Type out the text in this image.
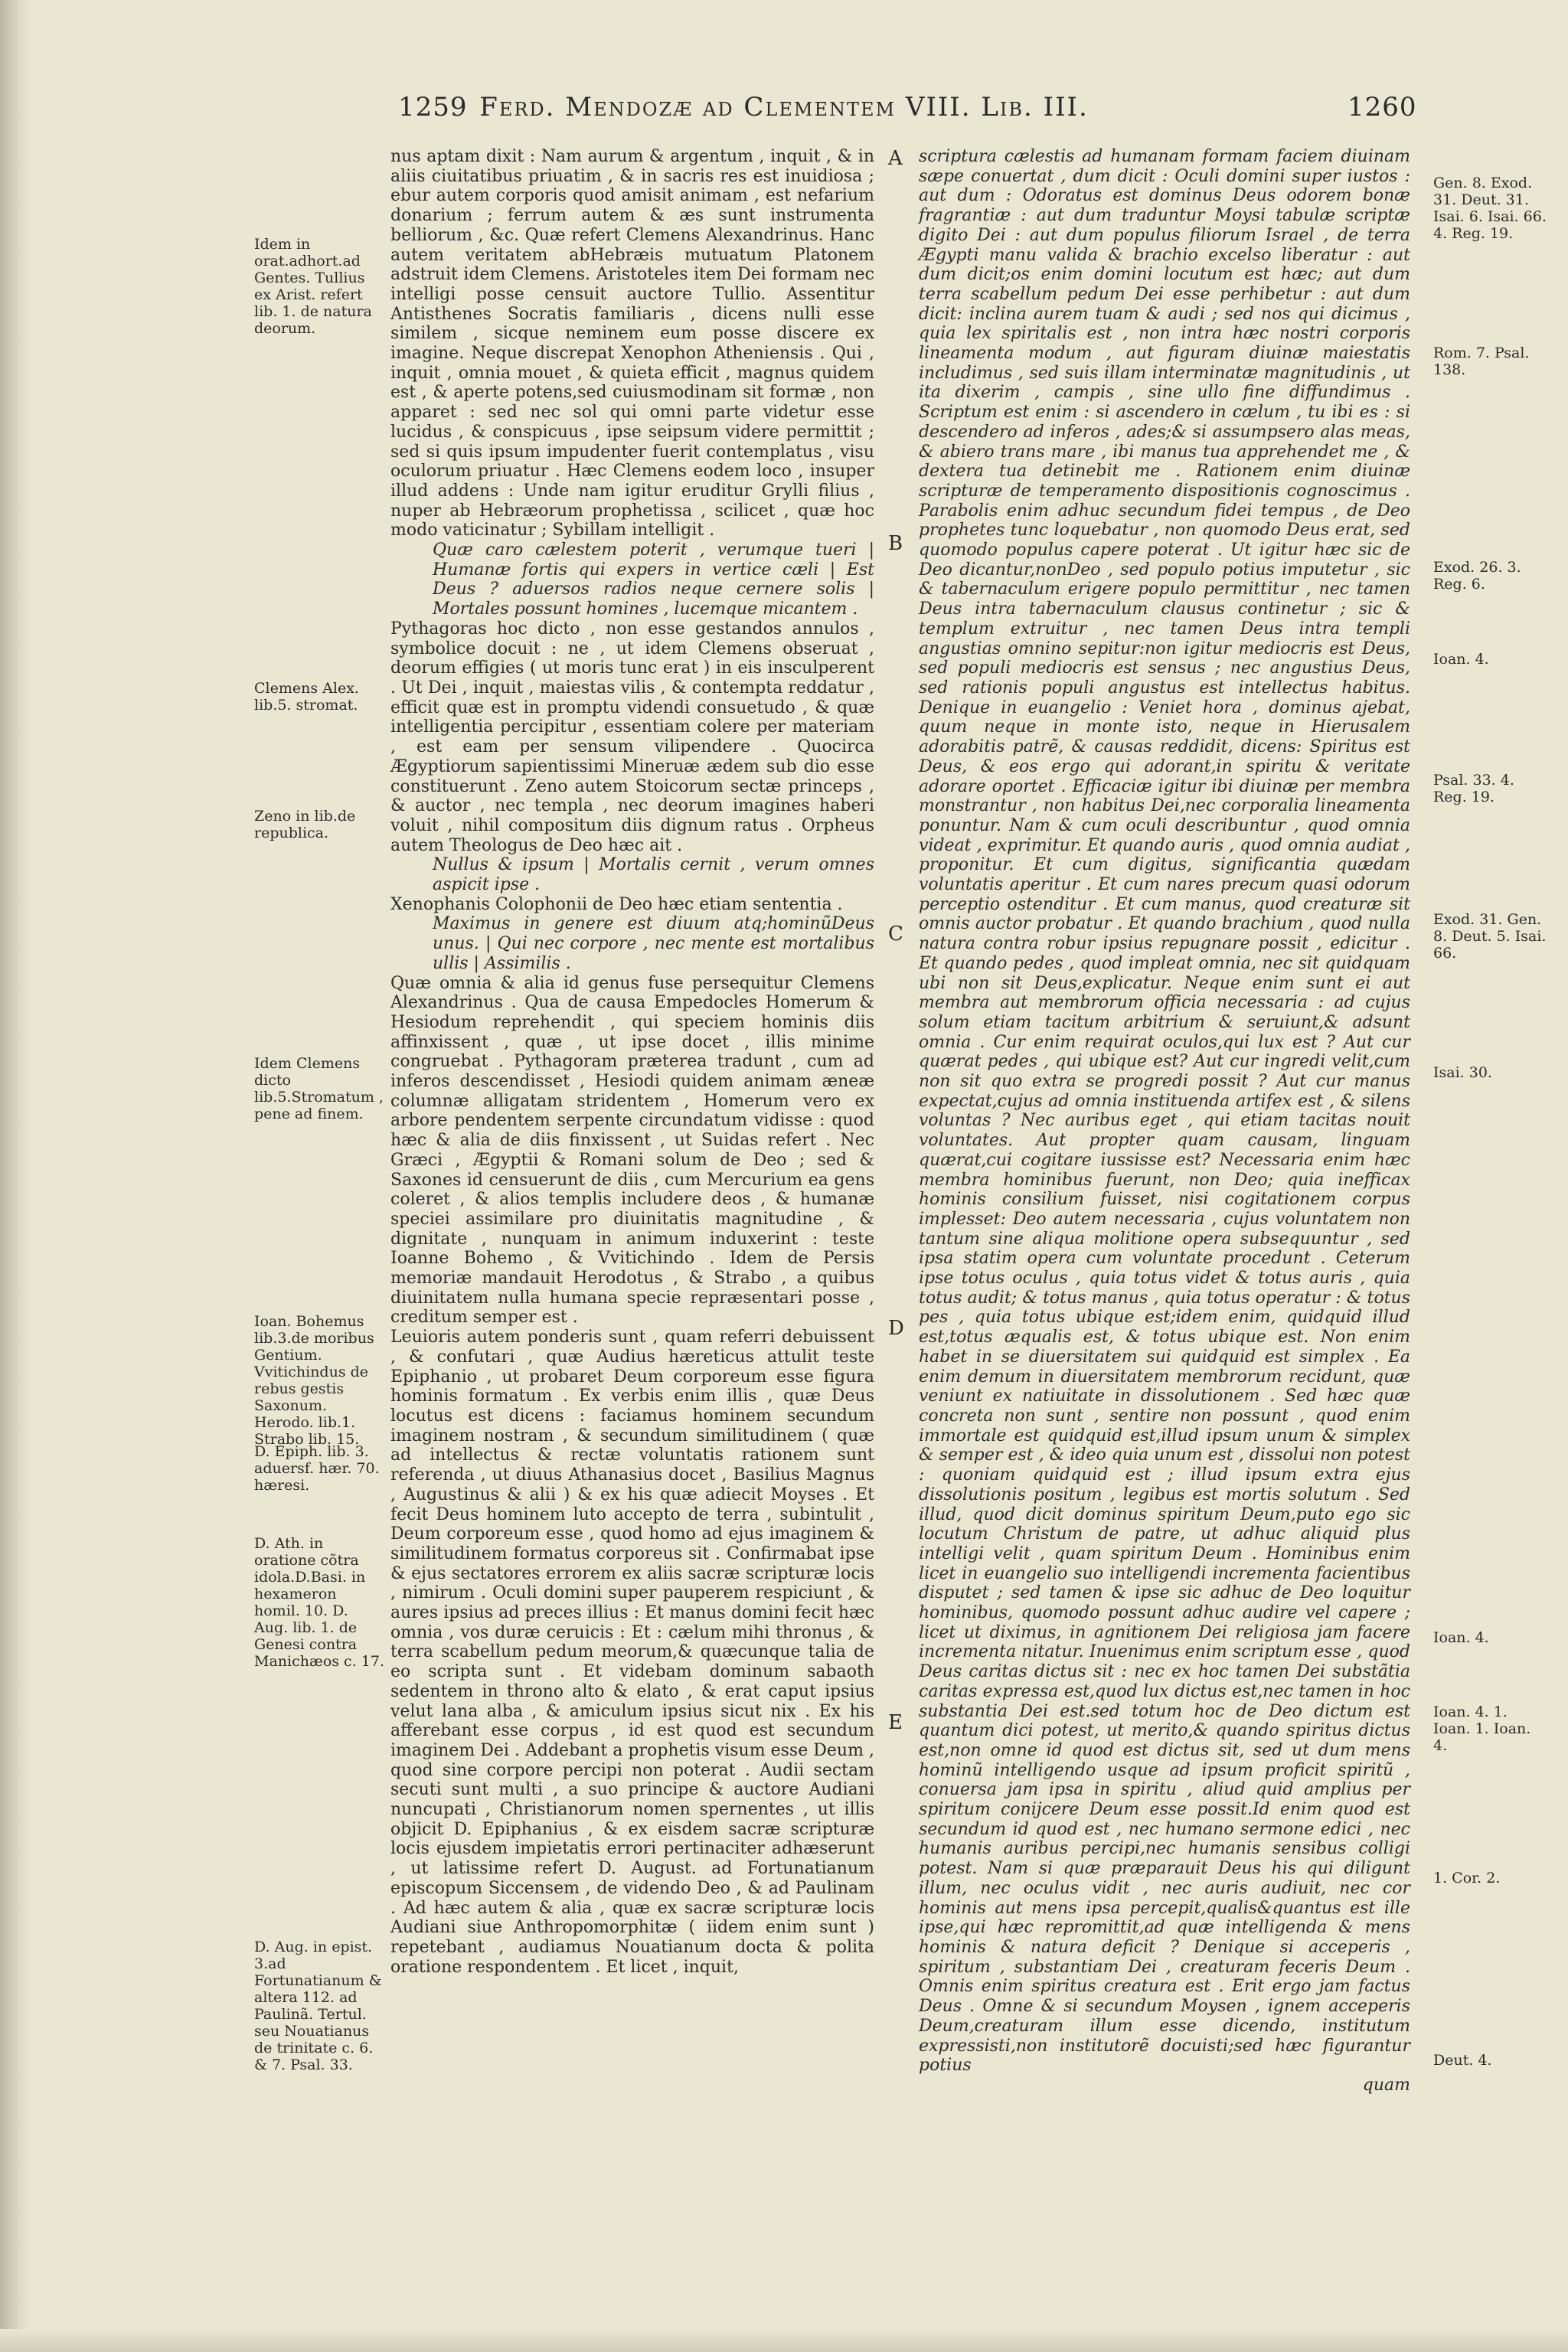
1259 Ferd. Mendozæ ad Clementem VIII. Lib. III.	1260

nus aptam dixit : Nam aurum & argentum , inquit , & in aliis ciuitatibus priuatim , & in sacris res est inuidiosa ; ebur autem corporis quod amisit animam , est nefarium donarium ; ferrum autem & æs sunt instrumenta belliorum , &c. Quæ refert Clemens Alexandrinus. Hanc autem veritatem abHebræis mutuatum Platonem adstruit idem Clemens. Aristoteles item Dei formam nec intelligi posse censuit auctore Tullio. Assentitur Antisthenes Socratis familiaris , dicens nulli esse similem , sicque neminem eum posse discere ex imagine. Neque discrepat Xenophon Atheniensis . Qui , inquit , omnia mouet , & quieta efficit , magnus quidem est , & aperte potens,sed cuiusmodinam sit formæ , non apparet : sed nec sol qui omni parte videtur esse lucidus , & conspicuus , ipse seipsum videre permittit ; sed si quis ipsum impudenter fuerit contemplatus , visu oculorum priuatur . Hæc Clemens eodem loco , insuper illud addens : Unde nam igitur eruditur Grylli filius , nuper ab Hebræorum prophetissa , scilicet , quæ hoc modo vaticinatur ; Sybillam intelligit .

Quæ caro cælestem poterit , verumque tueri | Humanæ fortis qui expers in vertice cæli | Est Deus ? aduersos radios neque cernere solis | Mortales possunt homines , lucemque micantem .

Pythagoras hoc dicto , non esse gestandos annulos , symbolice docuit : ne , ut idem Clemens obseruat , deorum effigies ( ut moris tunc erat ) in eis insculperent . Ut Dei , inquit , maiestas vilis , & contempta reddatur , efficit quæ est in promptu videndi consuetudo , & quæ intelligentia percipitur , essentiam colere per materiam , est eam per sensum vilipendere . Quocirca Ægyptiorum sapientissimi Mineruæ ædem sub dio esse constituerunt . Zeno autem Stoicorum sectæ princeps , & auctor , nec templa , nec deorum imagines haberi voluit , nihil compositum diis dignum ratus . Orpheus autem Theologus de Deo hæc ait .

Nullus & ipsum | Mortalis cernit , verum omnes aspicit ipse .

Xenophanis Colophonii de Deo hæc etiam sententia .

Maximus in genere est diuum atq;hominũDeus unus. | Qui nec corpore , nec mente est mortalibus ullis | Assimilis .

Quæ omnia & alia id genus fuse persequitur Clemens Alexandrinus . Qua de causa Empedocles Homerum & Hesiodum reprehendit , qui speciem hominis diis affinxissent , quæ , ut ipse docet , illis minime congruebat . Pythagoram præterea tradunt , cum ad inferos descendisset , Hesiodi quidem animam æneæ columnæ alligatam stridentem , Homerum vero ex arbore pendentem serpente circundatum vidisse : quod hæc & alia de diis finxissent , ut Suidas refert . Nec Græci , Ægyptii & Romani solum de Deo ; sed & Saxones id censuerunt de diis , cum Mercurium ea gens coleret , & alios templis includere deos , & humanæ speciei assimilare pro diuinitatis magnitudine , & dignitate , nunquam in animum induxerint : teste Ioanne Bohemo , & Vvitichindo . Idem de Persis memoriæ mandauit Herodotus , & Strabo , a quibus diuinitatem nulla humana specie repræsentari posse , creditum semper est .

Leuioris autem ponderis sunt , quam referri debuissent , & confutari , quæ Audius hæreticus attulit teste Epiphanio , ut probaret Deum corporeum esse figura hominis formatum . Ex verbis enim illis , quæ Deus locutus est dicens : faciamus hominem secundum imaginem nostram , & secundum similitudinem ( quæ ad intellectus & rectæ voluntatis rationem sunt referenda , ut diuus Athanasius docet , Basilius Magnus , Augustinus & alii ) & ex his quæ adiecit Moyses . Et fecit Deus hominem luto accepto de terra , subintulit , Deum corporeum esse , quod homo ad ejus imaginem & similitudinem formatus corporeus sit . Confirmabat ipse & ejus sectatores errorem ex aliis sacræ scripturæ locis , nimirum . Oculi domini super pauperem respiciunt , & aures ipsius ad preces illius : Et manus domini fecit hæc omnia , vos duræ ceruicis : Et : cælum mihi thronus , & terra scabellum pedum meorum,& quæcunque talia de eo scripta sunt . Et videbam dominum sabaoth sedentem in throno alto & elato , & erat caput ipsius velut lana alba , & amiculum ipsius sicut nix . Ex his afferebant esse corpus , id est quod est secundum imaginem Dei . Addebant a prophetis visum esse Deum , quod sine corpore percipi non poterat . Audii sectam secuti sunt multi , a suo principe & auctore Audiani nuncupati , Christianorum nomen spernentes , ut illis objicit D. Epiphanius , & ex eisdem sacræ scripturæ locis ejusdem impietatis errori pertinaciter adhæserunt , ut latissime refert D. August. ad Fortunatianum episcopum Siccensem , de videndo Deo , & ad Paulinam . Ad hæc autem & alia , quæ ex sacræ scripturæ locis Audiani siue Anthropomorphitæ ( iidem enim sunt ) repetebant , audiamus Nouatianum docta & polita oratione respondentem . Et licet , inquit,

scriptura cælestis ad humanam formam faciem diuinam sæpe conuertat , dum dicit : Oculi domini super iustos : aut dum : Odoratus est dominus Deus odorem bonæ fragrantiæ : aut dum traduntur Moysi tabulæ scriptæ digito Dei : aut dum populus filiorum Israel , de terra Ægypti manu valida & brachio excelso liberatur : aut dum dicit;os enim domini locutum est hæc; aut dum terra scabellum pedum Dei esse perhibetur : aut dum dicit: inclina aurem tuam & audi ; sed nos qui dicimus , quia lex spiritalis est , non intra hæc nostri corporis lineamenta modum , aut figuram diuinæ maiestatis includimus , sed suis illam interminatæ magnitudinis , ut ita dixerim , campis , sine ullo fine diffundimus . Scriptum est enim : si ascendero in cælum , tu ibi es : si descendero ad inferos , ades;& si assumpsero alas meas, & abiero trans mare , ibi manus tua apprehendet me , & dextera tua detinebit me . Rationem enim diuinæ scripturæ de temperamento dispositionis cognoscimus . Parabolis enim adhuc secundum fidei tempus , de Deo prophetes tunc loquebatur , non quomodo Deus erat, sed quomodo populus capere poterat . Ut igitur hæc sic de Deo dicantur,nonDeo , sed populo potius imputetur , sic & tabernaculum erigere populo permittitur , nec tamen Deus intra tabernaculum clausus continetur ; sic & templum extruitur , nec tamen Deus intra templi angustias omnino sepitur:non igitur mediocris est Deus, sed populi mediocris est sensus ; nec angustius Deus, sed rationis populi angustus est intellectus habitus. Denique in euangelio : Veniet hora , dominus ajebat, quum neque in monte isto, neque in Hierusalem adorabitis patrẽ, & causas reddidit, dicens: Spiritus est Deus, & eos ergo qui adorant,in spiritu & veritate adorare oportet . Efficaciæ igitur ibi diuinæ per membra monstrantur , non habitus Dei,nec corporalia lineamenta ponuntur. Nam & cum oculi describuntur , quod omnia videat , exprimitur. Et quando auris , quod omnia audiat , proponitur. Et cum digitus, significantia quædam voluntatis aperitur . Et cum nares precum quasi odorum perceptio ostenditur . Et cum manus, quod creaturæ sit omnis auctor probatur . Et quando brachium , quod nulla natura contra robur ipsius repugnare possit , edicitur . Et quando pedes , quod impleat omnia, nec sit quidquam ubi non sit Deus,explicatur. Neque enim sunt ei aut membra aut membrorum officia necessaria : ad cujus solum etiam tacitum arbitrium & seruiunt,& adsunt omnia . Cur enim requirat oculos,qui lux est ? Aut cur quærat pedes , qui ubique est? Aut cur ingredi velit,cum non sit quo extra se progredi possit ? Aut cur manus expectat,cujus ad omnia instituenda artifex est , & silens voluntas ? Nec auribus eget , qui etiam tacitas nouit voluntates. Aut propter quam causam, linguam quærat,cui cogitare iussisse est? Necessaria enim hæc membra hominibus fuerunt, non Deo; quia inefficax hominis consilium fuisset, nisi cogitationem corpus implesset: Deo autem necessaria , cujus voluntatem non tantum sine aliqua molitione opera subsequuntur , sed ipsa statim opera cum voluntate procedunt . Ceterum ipse totus oculus , quia totus videt & totus auris , quia totus audit; & totus manus , quia totus operatur : & totus pes , quia totus ubique est;idem enim, quidquid illud est,totus æqualis est, & totus ubique est. Non enim habet in se diuersitatem sui quidquid est simplex . Ea enim demum in diuersitatem membrorum recidunt, quæ veniunt ex natiuitate in dissolutionem . Sed hæc quæ concreta non sunt , sentire non possunt , quod enim immortale est quidquid est,illud ipsum unum & simplex & semper est , & ideo quia unum est , dissolui non potest : quoniam quidquid est ; illud ipsum extra ejus dissolutionis positum , legibus est mortis solutum . Sed illud, quod dicit dominus spiritum Deum,puto ego sic locutum Christum de patre, ut adhuc aliquid plus intelligi velit , quam spiritum Deum . Hominibus enim licet in euangelio suo intelligendi incrementa facientibus disputet ; sed tamen & ipse sic adhuc de Deo loquitur hominibus, quomodo possunt adhuc audire vel capere ; licet ut diximus, in agnitionem Dei religiosa jam facere incrementa nitatur. Inuenimus enim scriptum esse , quod Deus caritas dictus sit : nec ex hoc tamen Dei substãtia caritas expressa est,quod lux dictus est,nec tamen in hoc substantia Dei est.sed totum hoc de Deo dictum est quantum dici potest, ut merito,& quando spiritus dictus est,non omne id quod est dictus sit, sed ut dum mens hominũ intelligendo usque ad ipsum proficit spiritũ , conuersa jam ipsa in spiritu , aliud quid amplius per spiritum conijcere Deum esse possit.Id enim quod est secundum id quod est , nec humano sermone edici , nec humanis auribus percipi,nec humanis sensibus colligi potest. Nam si quæ præparauit Deus his qui diligunt illum, nec oculus vidit , nec auris audiuit, nec cor hominis aut mens ipsa percepit,qualis&quantus est ille ipse,qui hæc repromittit,ad quæ intelligenda & mens hominis & natura deficit ? Denique si acceperis , spiritum , substantiam Dei , creaturam feceris Deum . Omnis enim spiritus creatura est . Erit ergo jam factus Deus . Omne & si secundum Moysen , ignem acceperis Deum,creaturam illum esse dicendo, institutum expressisti,non institutorẽ docuisti;sed hæc figurantur potius

quam

A
B
C
D
E
Idem in orat.adhort.ad Gentes. Tullius ex Arist. refert lib. 1. de natura deorum.
Clemens Alex. lib.5. stromat.
Zeno in lib.de republica.
Idem Clemens dicto lib.5.Stromatum , pene ad finem.
Ioan. Bohemus lib.3.de moribus Gentium. Vvitichindus de rebus gestis Saxonum. Herodo. lib.1. Strabo lib. 15.
D. Epiph. lib. 3. aduersf. hær. 70. hæresi.
D. Ath. in oratione cõtra idola.D.Basi. in hexameron homil. 10. D. Aug. lib. 1. de Genesi contra Manichæos c. 17.
D. Aug. in epist. 3.ad Fortunatianum & altera 112. ad Paulinã. Tertul. seu Nouatianus de trinitate c. 6. & 7. Psal. 33.
Gen. 8. Exod. 31. Deut. 31. Isai. 6. Isai. 66. 4. Reg. 19.
Rom. 7. Psal. 138.
Exod. 26. 3. Reg. 6.
Ioan. 4.
Psal. 33. 4. Reg. 19.
Exod. 31. Gen. 8. Deut. 5. Isai. 66.
Isai. 30.
Ioan. 4.
Ioan. 4. 1. Ioan. 1. Ioan. 4.
1. Cor. 2.
Deut. 4.
